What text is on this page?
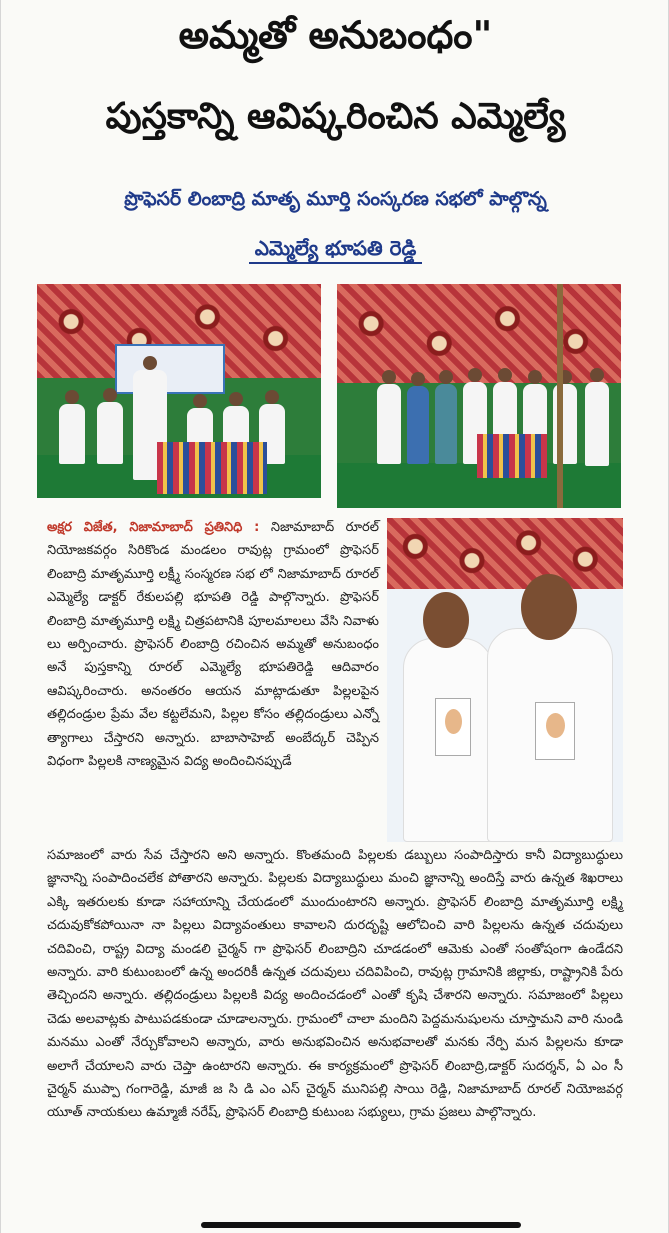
అమ్మతో అనుబంధం"
పుస్తకాన్ని ఆవిష్కరించిన ఎమ్మెల్యే
ప్రొఫెసర్ లింబాద్రి మాతృ మూర్తి సంస్కరణ సభలో పాల్గొన్న
ఎమ్మెల్యే భూపతి రెడ్డి
అక్షర విజేత, నిజామాబాద్ ప్రతినిధి : నిజామాబాద్ రూరల్ నియోజకవర్గం సిరికొండ మండలం రావుట్ల గ్రామంలో ప్రొఫెసర్ లింబాద్రి మాతృమూర్తి లక్ష్మీ సంస్మరణ సభ లో నిజామాబాద్ రూరల్ ఎమ్మెల్యే డాక్టర్ రేకులపల్లి భూపతి రెడ్డి పాల్గొన్నారు. ప్రొఫెసర్ లింబాద్రి మాతృమూర్తి లక్ష్మి చిత్రపటానికి పూలమాలలు వేసి నివాళు లు అర్పించారు. ప్రొఫెసర్ లింబాద్రి రచించిన అమ్మతో అనుబంధం అనే పుస్తకాన్ని రూరల్ ఎమ్మెల్యే భూపతిరెడ్డి ఆదివారం ఆవిష్కరించారు. అనంతరం ఆయన మాట్లాడుతూ పిల్లలపైన తల్లిదండ్రుల ప్రేమ వేల కట్టలేమని, పిల్లల కోసం తల్లిదండ్రులు ఎన్నో త్యాగాలు చేస్తారని అన్నారు. బాబాసాహెబ్ అంబేద్కర్ చెప్పిన విధంగా పిల్లలకి నాణ్యమైన విద్య అందించినప్పుడే
సమాజంలో వారు సేవ చేస్తారని అని అన్నారు. కొంతమంది పిల్లలకు డబ్బులు సంపాదిస్తారు కానీ విద్యాబుద్ధులు జ్ఞానాన్ని సంపాదించలేక పోతారని అన్నారు. పిల్లలకు విద్యాబుద్ధులు మంచి జ్ఞానాన్ని అందిస్తే వారు ఉన్నత శిఖరాలు ఎక్కి ఇతరులకు కూడా సహాయాన్ని చేయడంలో ముందుంటారని అన్నారు. ప్రొఫెసర్ లింబాద్రి మాతృమూర్తి లక్ష్మి చదువుకోకపోయినా నా పిల్లలు విద్యావంతులు కావాలని దురదృష్టి ఆలోచించి వారి పిల్లలను ఉన్నత చదువులు చదివించి, రాష్ట్ర విద్యా మండలి చైర్మన్ గా ప్రొఫెసర్ లింబాద్రిని చూడడంలో ఆమెకు ఎంతో సంతోషంగా ఉండేదని అన్నారు. వారి కుటుంబంలో ఉన్న అందరికీ ఉన్నత చదువులు చదివిపించి, రావుట్ల గ్రామానికి జిల్లాకు, రాష్ట్రానికి పేరు తెచ్చిందని అన్నారు. తల్లిదండ్రులు పిల్లలకి విద్య అందించడంలో ఎంతో కృషి చేశారని అన్నారు. సమాజంలో పిల్లలు చెడు అలవాట్లకు పాటుపడకుండా చూడాలన్నారు. గ్రామంలో చాలా మందిని పెద్దమనుషులను చూస్తామని వారి నుండి మనము ఎంతో నేర్చుకోవాలని అన్నారు, వారు అనుభవించిన అనుభవాలతో మనకు నేర్పి మన పిల్లలను కూడా అలాగే చేయాలని వారు చెప్తా ఉంటారని అన్నారు. ఈ కార్యక్రమంలో ప్రొఫెసర్ లింబాద్రి,డాక్టర్ సుదర్శన్, ఏ ఎం సీ చైర్మన్ ముప్పా గంగారెడ్డి, మాజీ జ సి డి ఎం ఎస్ చైర్మన్ మునిపల్లి సాయి రెడ్డి, నిజామాబాద్ రూరల్ నియోజవర్గ యూత్ నాయకులు ఉమ్మాజీ నరేష్, ప్రొఫెసర్ లింబాద్రి కుటుంబ సభ్యులు, గ్రామ ప్రజలు పాల్గొన్నారు.
